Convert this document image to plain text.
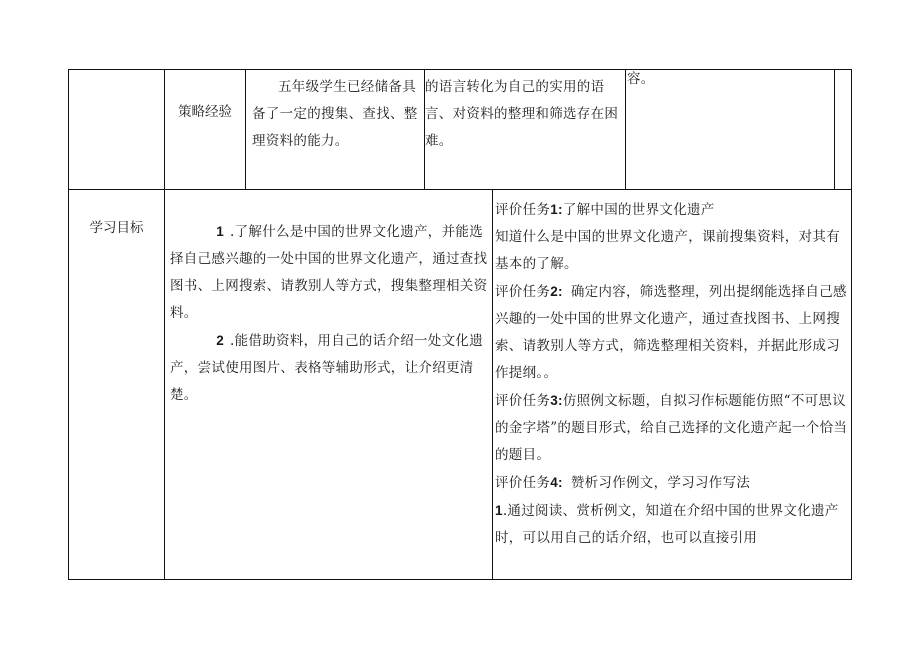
策略经验

五年级学生已经储备具备了一定的搜集、查找、整理资料的能力。

的语言转化为自己的实用的语言、对资料的整理和筛选存在困难。

容。

学习目标	1 .了解什么是中国的世界文化遗产，并能选择自己感兴趣的一处中国的世界文化遗产，通过查找图书、上网搜索、请教别人等方式，搜集整理相关资料。

2 .能借助资料，用自己的话介绍一处文化遗产，尝试使用图片、表格等辅助形式，让介绍更清楚。

评价任务1:了解中国的世界文化遗产

知道什么是中国的世界文化遗产，课前搜集资料，对其有基本的了解。

评价任务2: 确定内容，筛选整理，列出提纲能选择自己感兴趣的一处中国的世界文化遗产，通过查找图书、上网搜索、请教别人等方式，筛选整理相关资料，并据此形成习作提纲。。

评价任务3:仿照例文标题，自拟习作标题能仿照“不可思议的金字塔”的题目形式，给自己选择的文化遗产起一个恰当的题目。

评价任务4: 赞析习作例文，学习习作写法

1.通过阅读、赏析例文，知道在介绍中国的世界文化遗产时，可以用自己的话介绍，也可以直接引用
